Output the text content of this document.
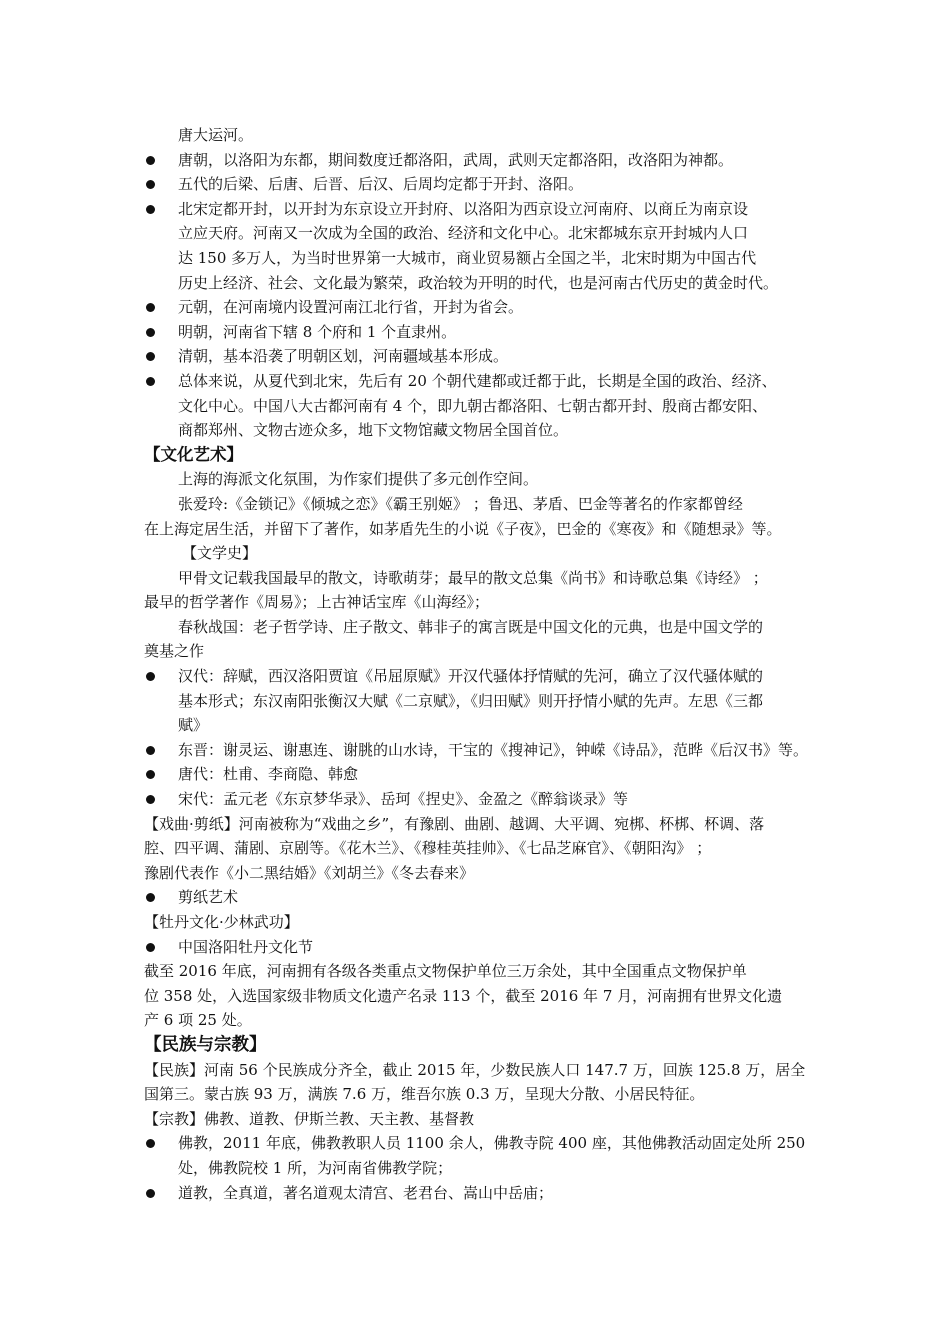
唐大运河。
唐朝，以洛阳为东都，期间数度迁都洛阳，武周，武则天定都洛阳，改洛阳为神都。
五代的后梁、后唐、后晋、后汉、后周均定都于开封、洛阳。
北宋定都开封，以开封为东京设立开封府、以洛阳为西京设立河南府、以商丘为南京设
立应天府。河南又一次成为全国的政治、经济和文化中心。北宋都城东京开封城内人口
达 150 多万人，为当时世界第一大城市，商业贸易额占全国之半，北宋时期为中国古代
历史上经济、社会、文化最为繁荣，政治较为开明的时代，也是河南古代历史的黄金时代。
元朝，在河南境内设置河南江北行省，开封为省会。
明朝，河南省下辖 8 个府和 1 个直隶州。
清朝，基本沿袭了明朝区划，河南疆域基本形成。
总体来说，从夏代到北宋，先后有 20 个朝代建都或迁都于此，长期是全国的政治、经济、
文化中心。中国八大古都河南有 4 个，即九朝古都洛阳、七朝古都开封、殷商古都安阳、
商都郑州、文物古迹众多，地下文物馆藏文物居全国首位。
【文化艺术】
上海的海派文化氛围，为作家们提供了多元创作空间。
张爱玲:《金锁记》《倾城之恋》《霸王别姬》 ；鲁迅、茅盾、巴金等著名的作家都曾经
在上海定居生活，并留下了著作，如茅盾先生的小说《子夜》，巴金的《寒夜》和《随想录》等。
【文学史】
甲骨文记载我国最早的散文，诗歌萌芽；最早的散文总集《尚书》和诗歌总集《诗经》 ；
最早的哲学著作《周易》；上古神话宝库《山海经》；
春秋战国：老子哲学诗、庄子散文、韩非子的寓言既是中国文化的元典，也是中国文学的
奠基之作
汉代：辞赋，西汉洛阳贾谊《吊屈原赋》开汉代骚体抒情赋的先河，确立了汉代骚体赋的
基本形式；东汉南阳张衡汉大赋《二京赋》，《归田赋》则开抒情小赋的先声。左思《三都
赋》
东晋：谢灵运、谢惠连、谢朓的山水诗，干宝的《搜神记》，钟嵘《诗品》，范晔《后汉书》等。
唐代：杜甫、李商隐、韩愈
宋代：孟元老《东京梦华录》、岳珂《捏史》、金盈之《醉翁谈录》等
【戏曲·剪纸】河南被称为“戏曲之乡”，有豫剧、曲剧、越调、大平调、宛梆、杯梆、杯调、落
腔、四平调、蒲剧、京剧等。《花木兰》、《穆桂英挂帅》、《七品芝麻官》、《朝阳沟》 ；
豫剧代表作《小二黑结婚》《刘胡兰》《冬去春来》
剪纸艺术
【牡丹文化·少林武功】
中国洛阳牡丹文化节
截至 2016 年底，河南拥有各级各类重点文物保护单位三万余处，其中全国重点文物保护单
位 358 处，入选国家级非物质文化遗产名录 113 个，截至 2016 年 7 月，河南拥有世界文化遗
产 6 项 25 处。
【民族与宗教】
【民族】河南 56 个民族成分齐全，截止 2015 年，少数民族人口 147.7 万，回族 125.8 万，居全
国第三。蒙古族 93 万，满族 7.6 万，维吾尔族 0.3 万，呈现大分散、小居民特征。
【宗教】佛教、道教、伊斯兰教、天主教、基督教
佛教，2011 年底，佛教教职人员 1100 余人，佛教寺院 400 座，其他佛教活动固定处所 250
处，佛教院校 1 所，为河南省佛教学院；
道教，全真道，著名道观太清宫、老君台、嵩山中岳庙；
